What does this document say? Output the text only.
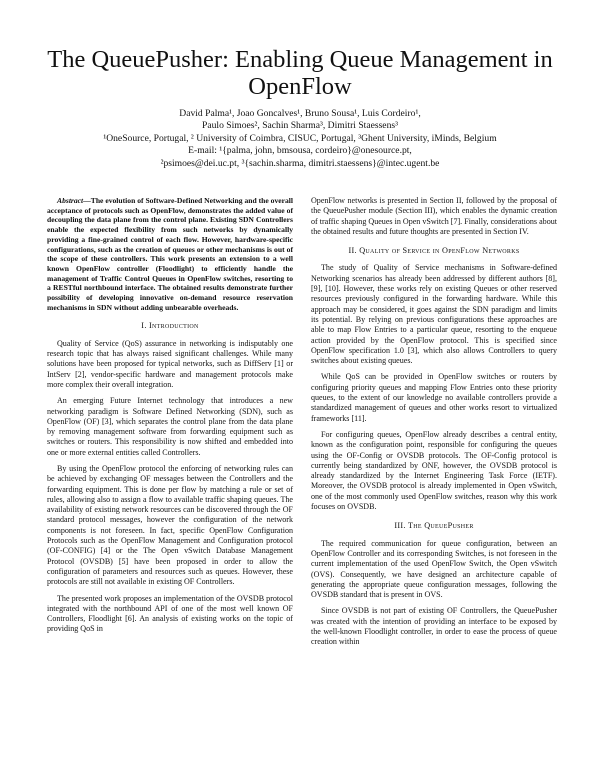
The QueuePusher: Enabling Queue Management in OpenFlow
David Palma¹, Joao Goncalves¹, Bruno Sousa¹, Luis Cordeiro¹,
Paulo Simoes², Sachin Sharma³, Dimitri Staessens³
¹OneSource, Portugal, ² University of Coimbra, CISUC, Portugal, ³Ghent University, iMinds, Belgium
E-mail: ¹{palma, john, bmsousa, cordeiro}@onesource.pt,
²psimoes@dei.uc.pt, ³{sachin.sharma, dimitri.staessens}@intec.ugent.be

Abstract—The evolution of Software-Defined Networking and the overall acceptance of protocols such as OpenFlow, demonstrates the added value of decoupling the data plane from the control plane. Existing SDN Controllers enable the expected flexibility from such networks by dynamically providing a fine-grained control of each flow. However, hardware-specific configurations, such as the creation of queues or other mechanisms is out of the scope of these controllers. This work presents an extension to a well known OpenFlow controller (Floodlight) to efficiently handle the management of Traffic Control Queues in OpenFlow switches, resorting to a RESTful northbound interface. The obtained results demonstrate further possibility of developing innovative on-demand resource reservation mechanisms in SDN without adding unbearable overheads.

I. Introduction

Quality of Service (QoS) assurance in networking is indisputably one research topic that has always raised significant challenges. While many solutions have been proposed for typical networks, such as DiffServ [1] or IntServ [2], vendor-specific hardware and management protocols make more complex their overall integration.

An emerging Future Internet technology that introduces a new networking paradigm is Software Defined Networking (SDN), such as OpenFlow (OF) [3], which separates the control plane from the data plane by removing management software from forwarding equipment such as switches or routers. This responsibility is now shifted and embedded into one or more external entities called Controllers.

By using the OpenFlow protocol the enforcing of networking rules can be achieved by exchanging OF messages between the Controllers and the forwarding equipment. This is done per flow by matching a rule or set of rules, allowing also to assign a flow to available traffic shaping queues. The availability of existing network resources can be discovered through the OF standard protocol messages, however the configuration of the network components is not foreseen. In fact, specific OpenFlow Configuration Protocols such as the OpenFlow Management and Configuration protocol (OF-CONFIG) [4] or the The Open vSwitch Database Management Protocol (OVSDB) [5] have been proposed in order to allow the configuration of parameters and resources such as queues. However, these protocols are still not available in existing OF Controllers.

The presented work proposes an implementation of the OVSDB protocol integrated with the northbound API of one of the most well known OF Controllers, Floodlight [6]. An analysis of existing works on the topic of providing QoS in

OpenFlow networks is presented in Section II, followed by the proposal of the QueuePusher module (Section III), which enables the dynamic creation of traffic shaping Queues in Open vSwitch [7]. Finally, considerations about the obtained results and future thoughts are presented in Section IV.

II. Quality of Service in OpenFlow Networks

The study of Quality of Service mechanisms in Software-defined Networking scenarios has already been addressed by different authors [8], [9], [10]. However, these works rely on existing Queues or other reserved resources previously configured in the forwarding hardware. While this approach may be considered, it goes against the SDN paradigm and limits its potential. By relying on previous configurations these approaches are able to map Flow Entries to a particular queue, resorting to the enqueue action provided by the OpenFlow protocol. This is specified since OpenFlow specification 1.0 [3], which also allows Controllers to query switches about existing queues.

While QoS can be provided in OpenFlow switches or routers by configuring priority queues and mapping Flow Entries onto these priority queues, to the extent of our knowledge no available controllers provide a standardized management of queues and other works resort to virtualized frameworks [11].

For configuring queues, OpenFlow already describes a central entity, known as the configuration point, responsible for configuring the queues using the OF-Config or OVSDB protocols. The OF-Config protocol is currently being standardized by ONF, however, the OVSDB protocol is already standardized by the Internet Engineering Task Force (IETF). Moreover, the OVSDB protocol is already implemented in Open vSwitch, one of the most commonly used OpenFlow switches, reason why this work focuses on OVSDB.

III. The QueuePusher

The required communication for queue configuration, between an OpenFlow Controller and its corresponding Switches, is not foreseen in the current implementation of the used OpenFlow Switch, the Open vSwitch (OVS). Consequently, we have designed an architecture capable of generating the appropriate queue configuration messages, following the OVSDB standard that is present in OVS.

Since OVSDB is not part of existing OF Controllers, the QueuePusher was created with the intention of providing an interface to be exposed by the well-known Floodlight controller, in order to ease the process of queue creation within
